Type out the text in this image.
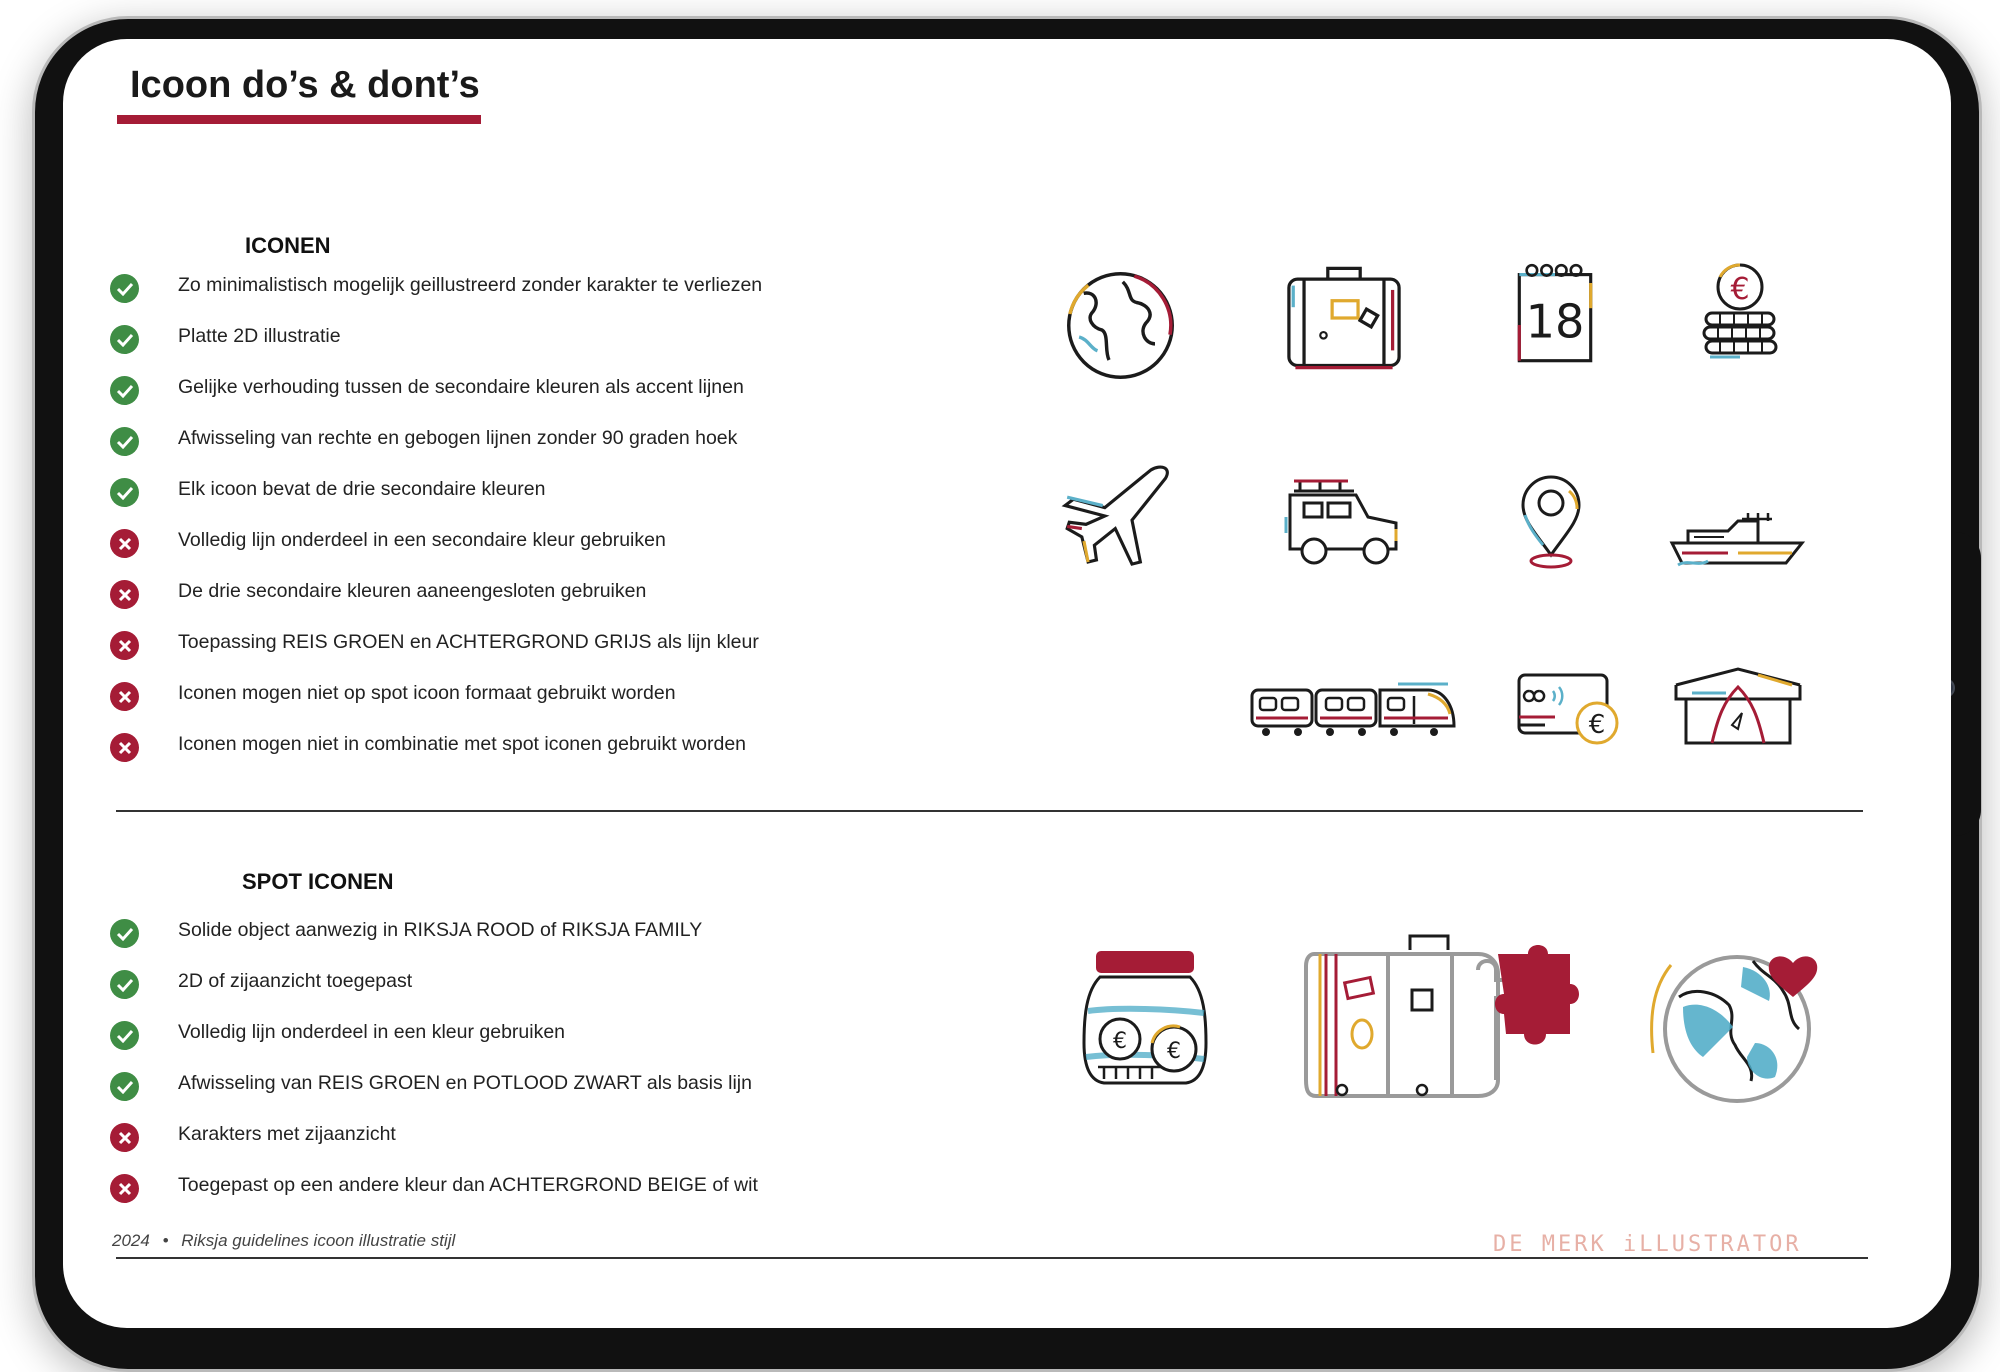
Icoon do’s & dont’s
ICONEN
Zo minimalistisch mogelijk geillustreerd zonder karakter te verliezen
Platte 2D illustratie
Gelijke verhouding tussen de secondaire kleuren als accent lijnen
Afwisseling van rechte en gebogen lijnen zonder 90 graden hoek
Elk icoon bevat de drie secondaire kleuren
Volledig lijn onderdeel in een secondaire kleur gebruiken
De drie secondaire kleuren aaneengesloten gebruiken
Toepassing REIS GROEN en ACHTERGROND GRIJS als lijn kleur
Iconen mogen niet op spot icoon formaat gebruikt worden
Iconen mogen niet in combinatie met spot iconen gebruikt worden
SPOT ICONEN
Solide object aanwezig in RIKSJA ROOD of RIKSJA FAMILY
2D of zijaanzicht toegepast
Volledig lijn onderdeel in een kleur gebruiken
Afwisseling van REIS GROEN en POTLOOD ZWART als basis lijn
Karakters met zijaanzicht
Toegepast op een andere kleur dan ACHTERGROND BEIGE of wit
18
€
€
€ €
2024 • Riksja guidelines icoon illustratie stijl	DE MERK iLLUSTRATOR
